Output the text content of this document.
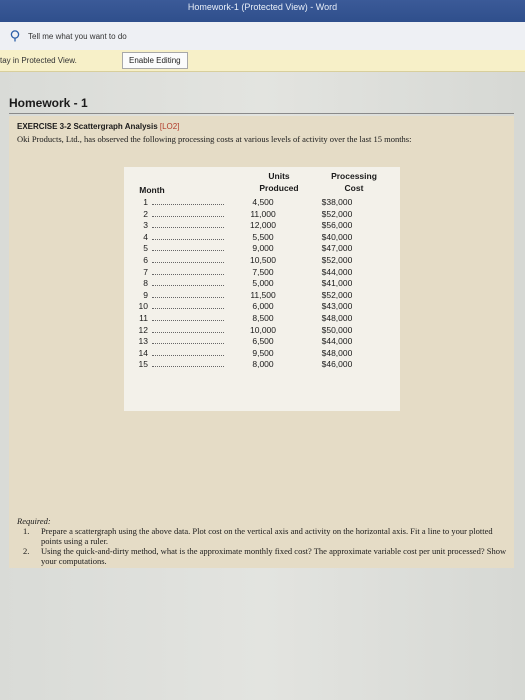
Homework-1 (Protected View) - Word
Tell me what you want to do
tay in Protected View.	Enable Editing
Homework - 1
EXERCISE 3-2 Scattergraph Analysis [LO2]
Oki Products, Ltd., has observed the following processing costs at various levels of activity over the last 15 months:
Month
Units
Produced
Processing
Cost
1	4,500	$38,000
2	11,000	$52,000
3	12,000	$56,000
4	5,500	$40,000
5	9,000	$47,000
6	10,500	$52,000
7	7,500	$44,000
8	5,000	$41,000
9	11,500	$52,000
10	6,000	$43,000
11	8,500	$48,000
12	10,000	$50,000
13	6,500	$44,000
14	9,500	$48,000
15	8,000	$46,000
Required:
1. Prepare a scattergraph using the above data. Plot cost on the vertical axis and activity on the horizontal axis. Fit a line to your plotted points using a ruler.
2. Using the quick-and-dirty method, what is the approximate monthly fixed cost? The approximate variable cost per unit processed? Show your computations.
